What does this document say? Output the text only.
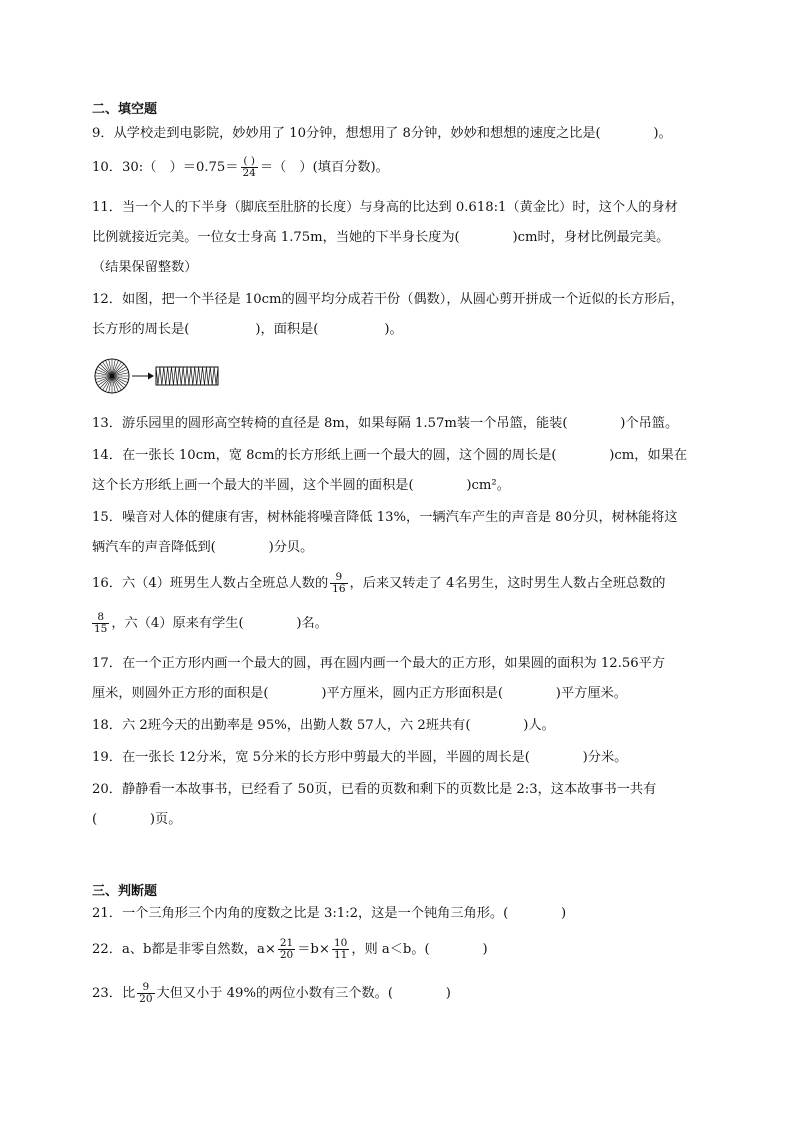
二、填空题
9．从学校走到电影院，妙妙用了 10分钟，想想用了 8分钟，妙妙和想想的速度之比是(　　　　)。
10．30:（　）$=0.75= \frac{( )}{24}$ ＝（　）(填百分数)。
11．当一个人的下半身（脚底至肚脐的长度）与身高的比达到 0.618:1（黄金比）时，这个人的身材
比例就接近完美。一位女士身高 1.75m，当她的下半身长度为(　　　　)cm时，身材比例最完美。
（结果保留整数）
12．如图，把一个半径是 10cm的圆平均分成若干份（偶数），从圆心剪开拼成一个近似的长方形后，
长方形的周长是(　　　　　)，面积是(　　　　　)。
13．游乐园里的圆形高空转椅的直径是 8m，如果每隔 1.57m装一个吊篮，能装(　　　　)个吊篮。
14．在一张长 10cm，宽 8cm的长方形纸上画一个最大的圆，这个圆的周长是(　　　　)cm，如果在
这个长方形纸上画一个最大的半圆，这个半圆的面积是(　　　　)cm²。
15．噪音对人体的健康有害，树林能将噪音降低 13%，一辆汽车产生的声音是 80分贝，树林能将这
辆汽车的声音降低到(　　　　)分贝。
16．六（4）班男生人数占全班总人数的 $\frac{9}{16}$ ，后来又转走了 4名男生，这时男生人数占全班总数的
$\frac{8}{15}$ ，六（4）原来有学生(　　　　)名。
17．在一个正方形内画一个最大的圆，再在圆内画一个最大的正方形，如果圆的面积为 12.56平方
厘米，则圆外正方形的面积是(　　　　)平方厘米，圆内正方形面积是(　　　　)平方厘米。
18．六 2班今天的出勤率是 95%，出勤人数 57人，六 2班共有(　　　　)人。
19．在一张长 12分米，宽 5分米的长方形中剪最大的半圆，半圆的周长是(　　　　)分米。
20．静静看一本故事书，已经看了 50页，已看的页数和剩下的页数比是 2:3，这本故事书一共有
(　　　　)页。
三、判断题
21．一个三角形三个内角的度数之比是 3:1:2，这是一个钝角三角形。(　　　　)
22．a、b都是非零自然数，$a\times \frac{21}{20} =b\times \frac{10}{11}$ ，则 a＜b。(　　　　)
23．比 $\frac{9}{20}$ 大但又小于 49%的两位小数有三个数。(　　　　)
